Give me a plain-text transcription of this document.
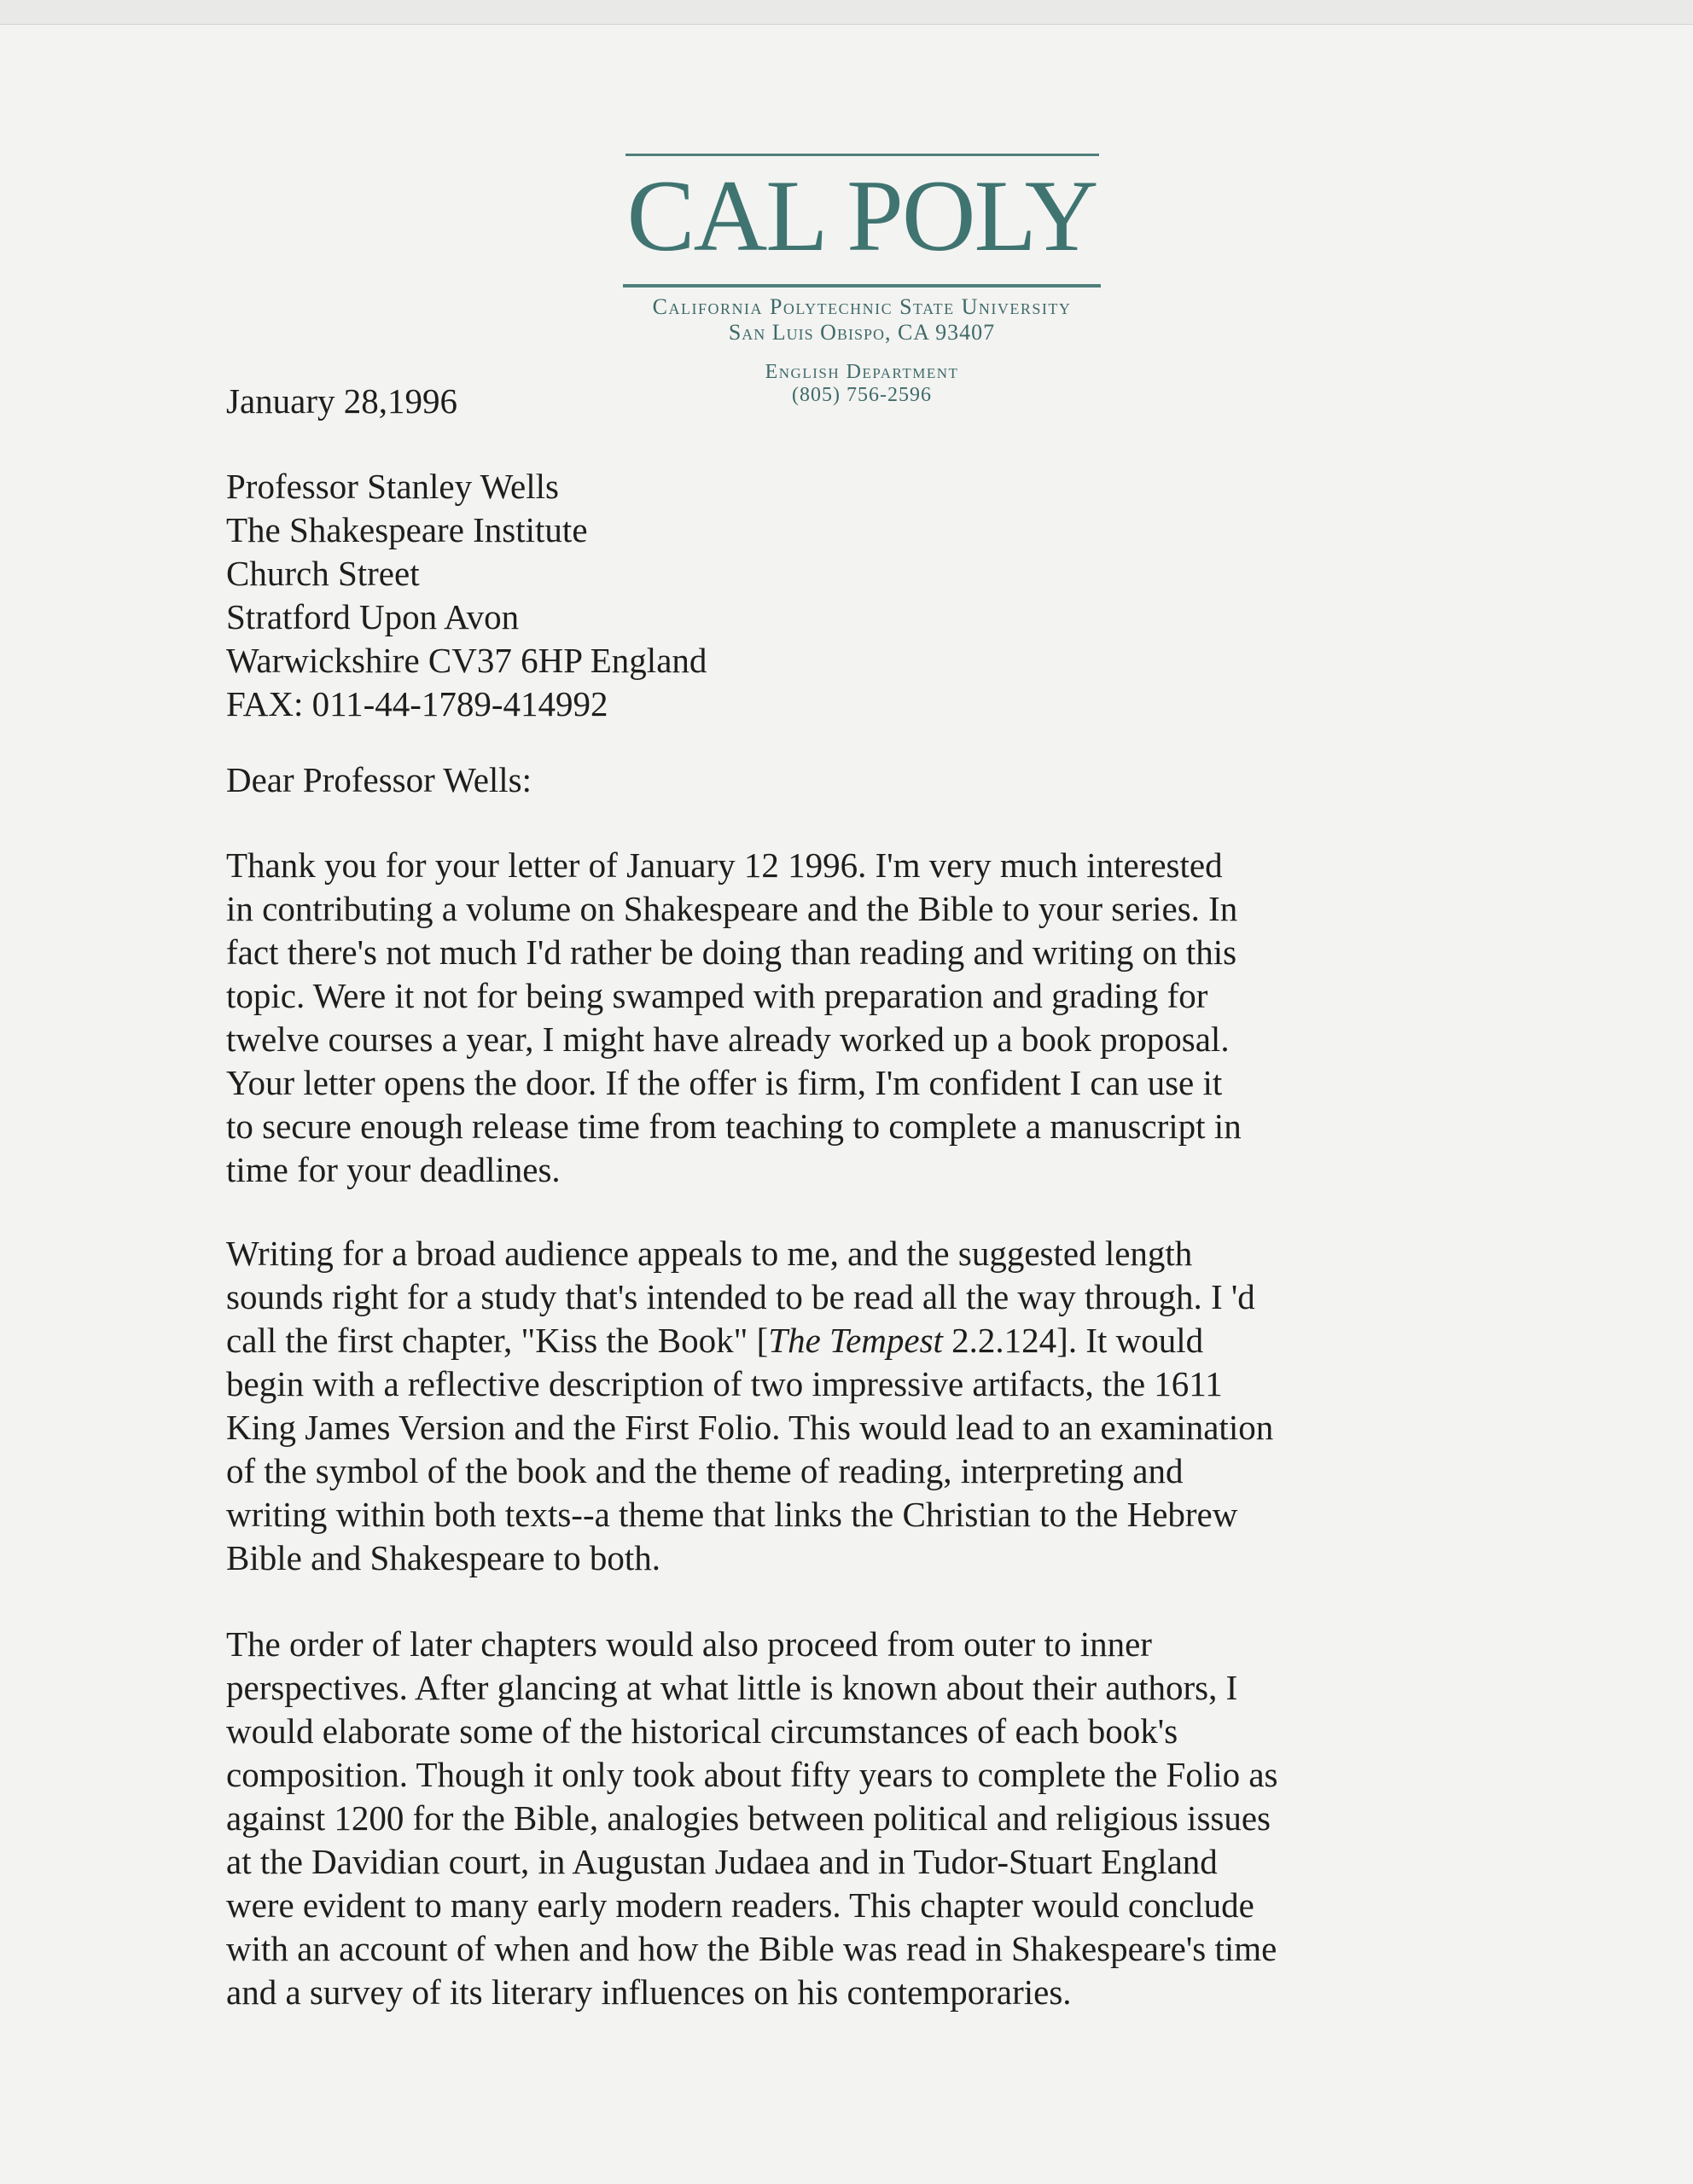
CAL POLY
California Polytechnic State University
San Luis Obispo, CA 93407
English Department
(805) 756-2596
January 28,1996
Professor Stanley Wells
The Shakespeare Institute
Church Street
Stratford Upon Avon
Warwickshire CV37 6HP England
FAX: 011-44-1789-414992
Dear Professor Wells:
Thank you for your letter of January 12 1996. I'm very much interested
in contributing a volume on Shakespeare and the Bible to your series. In
fact there's not much I'd rather be doing than reading and writing on this
topic. Were it not for being swamped with preparation and grading for
twelve courses a year, I might have already worked up a book proposal.
Your letter opens the door. If the offer is firm, I'm confident I can use it
to secure enough release time from teaching to complete a manuscript in
time for your deadlines.
Writing for a broad audience appeals to me, and the suggested length
sounds right for a study that's intended to be read all the way through. I 'd
call the first chapter, "Kiss the Book" [The Tempest 2.2.124]. It would
begin with a reflective description of two impressive artifacts, the 1611
King James Version and the First Folio. This would lead to an examination
of the symbol of the book and the theme of reading, interpreting and
writing within both texts--a theme that links the Christian to the Hebrew
Bible and Shakespeare to both.
The order of later chapters would also proceed from outer to inner
perspectives. After glancing at what little is known about their authors, I
would elaborate some of the historical circumstances of each book's
composition. Though it only took about fifty years to complete the Folio as
against 1200 for the Bible, analogies between political and religious issues
at the Davidian court, in Augustan Judaea and in Tudor-Stuart England
were evident to many early modern readers. This chapter would conclude
with an account of when and how the Bible was read in Shakespeare's time
and a survey of its literary influences on his contemporaries.
